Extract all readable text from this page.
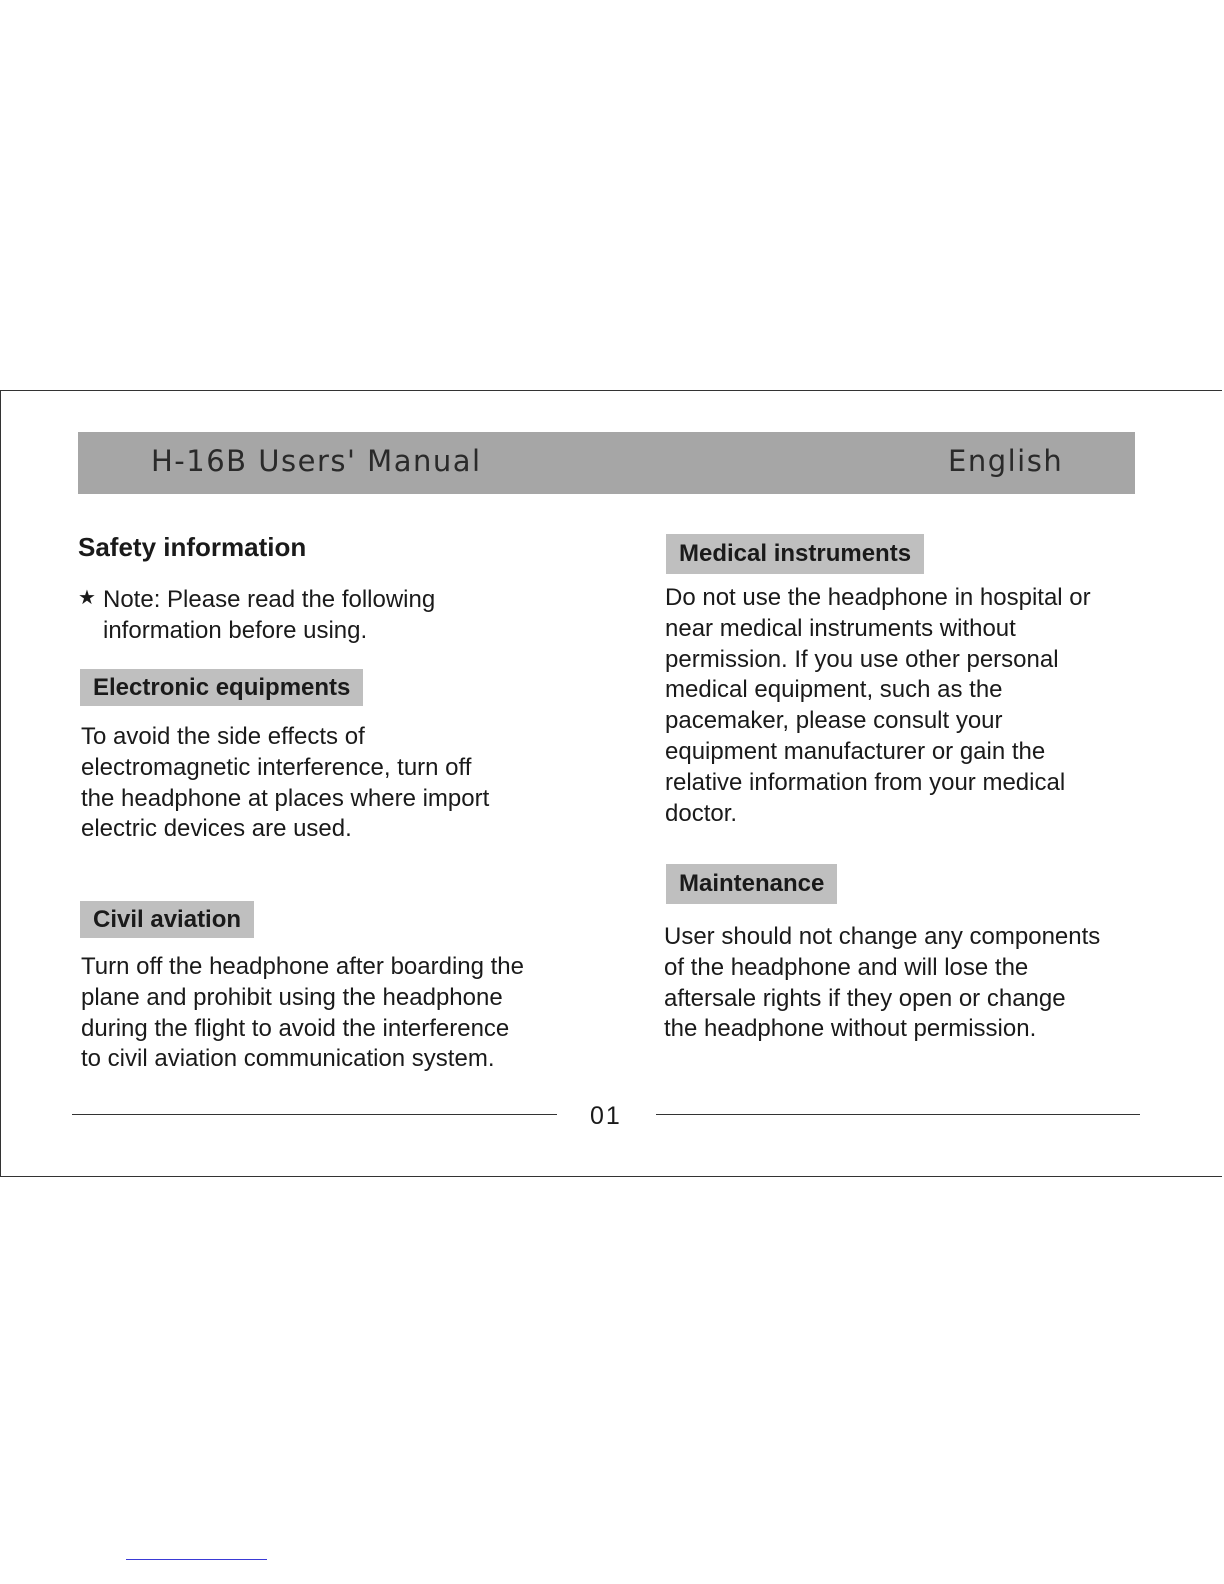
H-16B Users' Manual	English
Safety information
★ Note: Please read the following information before using.
Electronic equipments
To avoid the side effects of
electromagnetic interference, turn off
the headphone at places where import
electric devices are used.
Civil aviation
Turn off the headphone after boarding the
plane and prohibit using the headphone
during the flight to avoid the interference
to civil aviation communication system.
Medical instruments
Do not use the headphone in hospital or
near medical instruments without
permission. If you use other personal
medical equipment, such as the
pacemaker, please consult your
equipment manufacturer or gain the
relative information from your medical
doctor.
Maintenance
User should not change any components
of the headphone and will lose the
aftersale rights if they open or change
the headphone without permission.
01
